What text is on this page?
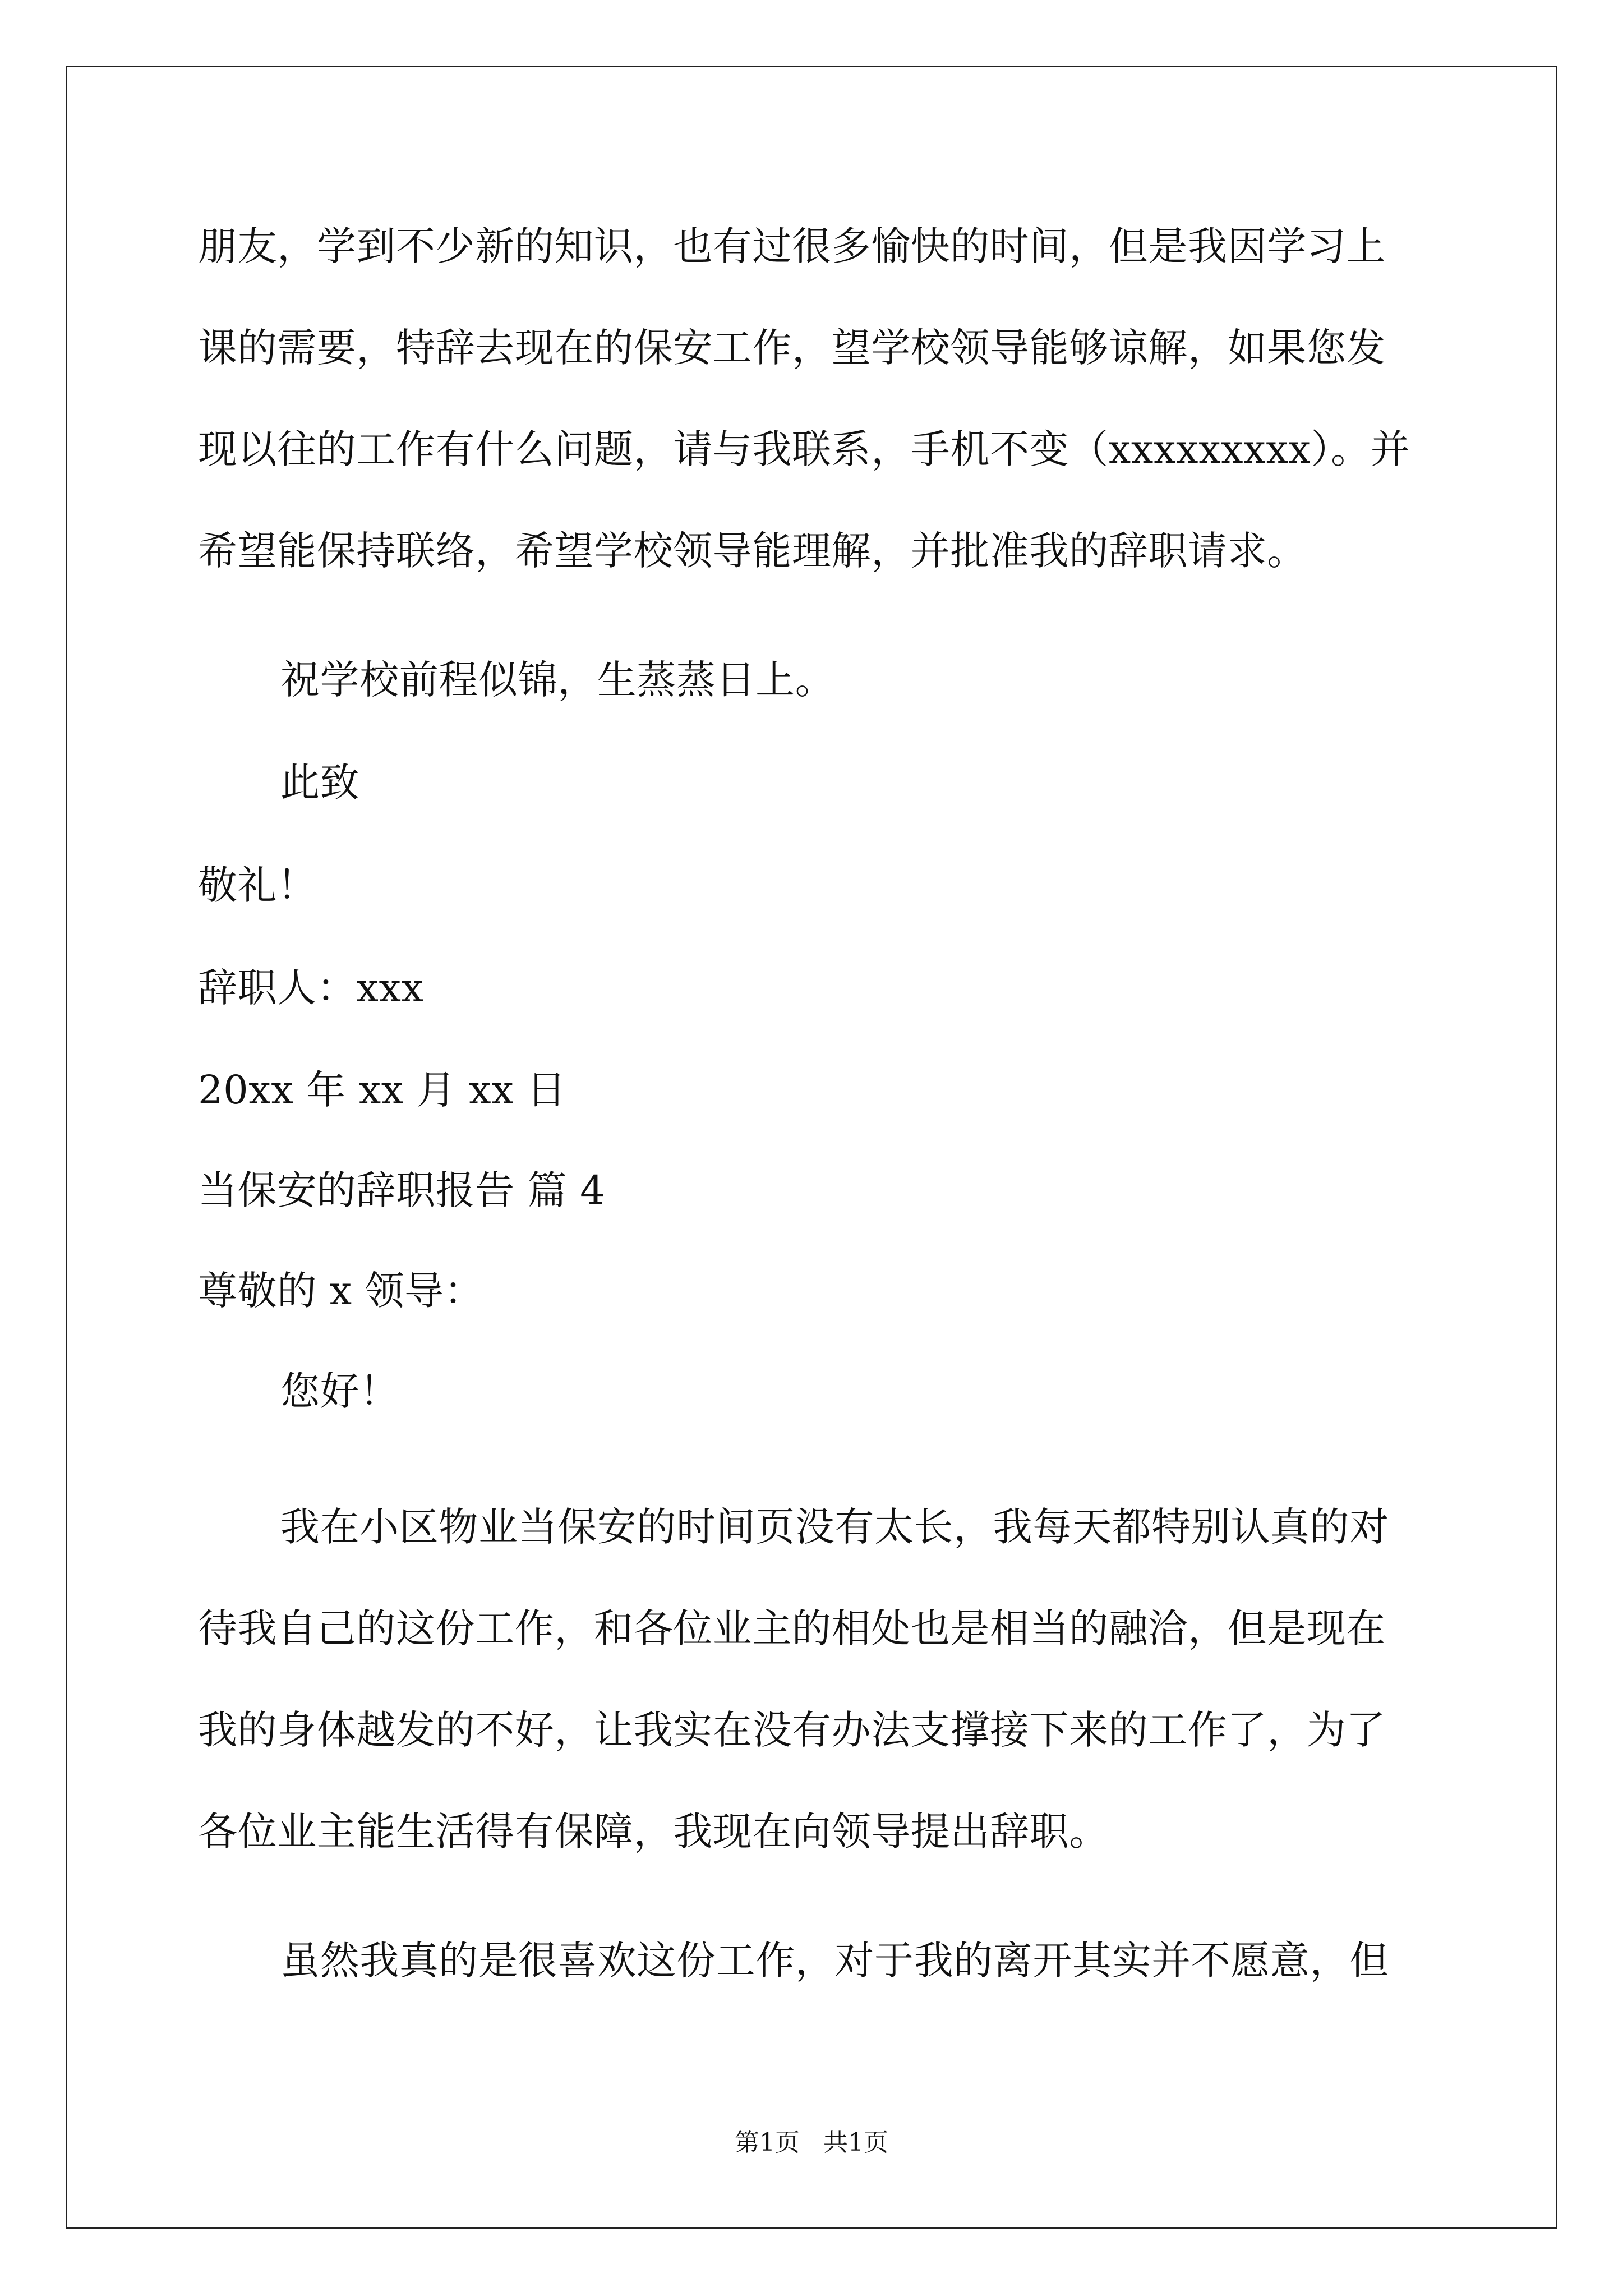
朋友，学到不少新的知识，也有过很多愉快的时间，但是我因学习上
课的需要，特辞去现在的保安工作，望学校领导能够谅解，如果您发
现以往的工作有什么问题，请与我联系，手机不变（xxxxxxxxx）。并
希望能保持联络，希望学校领导能理解，并批准我的辞职请求。
祝学校前程似锦，生蒸蒸日上。
此致
敬礼！
辞职人：xxx
20xx 年 xx 月 xx 日
当保安的辞职报告 篇 4
尊敬的 x 领导：
您好！
我在小区物业当保安的时间页没有太长，我每天都特别认真的对
待我自己的这份工作，和各位业主的相处也是相当的融洽，但是现在
我的身体越发的不好，让我实在没有办法支撑接下来的工作了，为了
各位业主能生活得有保障，我现在向领导提出辞职。
虽然我真的是很喜欢这份工作，对于我的离开其实并不愿意，但
第1页   共1页
